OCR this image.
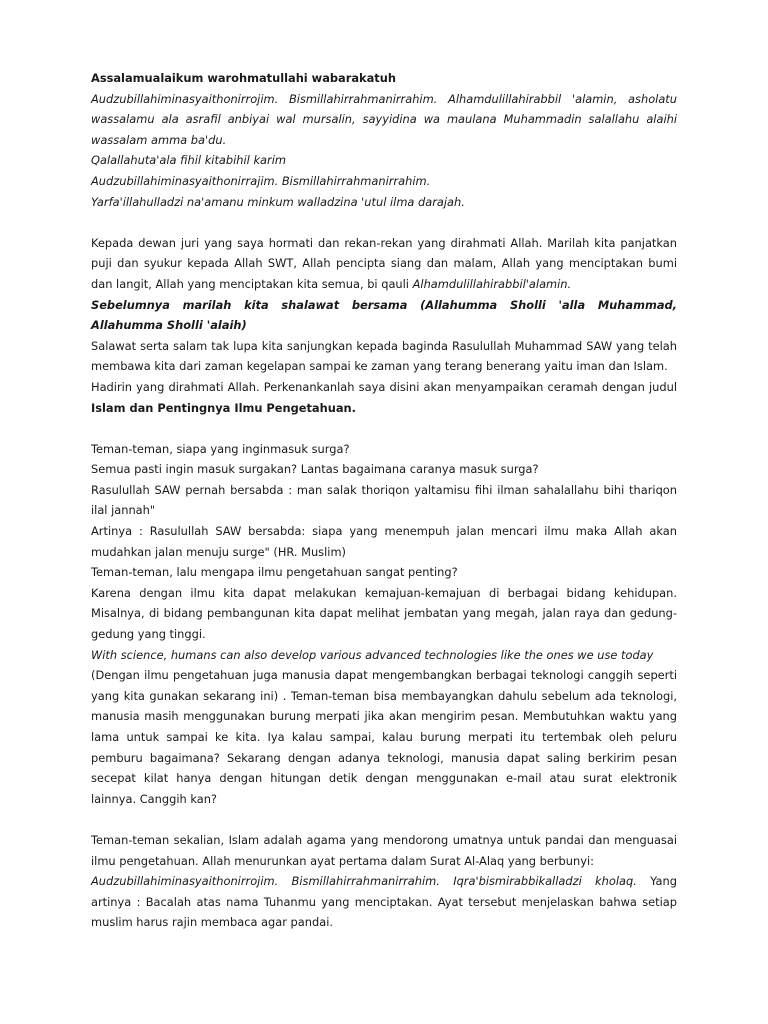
Assalamualaikum warohmatullahi wabarakatuh

Audzubillahiminasyaithonirrojim. Bismillahirrahmanirrahim. Alhamdulillahirabbil 'alamin, asholatu wassalamu ala asrafil anbiyai wal mursalin, sayyidina wa maulana Muhammadin salallahu alaihi wassalam amma ba'du.

Qalallahuta'ala fihil kitabihil karim

Audzubillahiminasyaithonirrajim. Bismillahirrahmanirrahim.

Yarfa'illahulladzi na'amanu minkum walladzina 'utul ilma darajah.

Kepada dewan juri yang saya hormati dan rekan-rekan yang dirahmati Allah. Marilah kita panjatkan puji dan syukur kepada Allah SWT, Allah pencipta siang dan malam, Allah yang menciptakan bumi dan langit, Allah yang menciptakan kita semua, bi qauli Alhamdulillahirabbil'alamin.

Sebelumnya marilah kita shalawat bersama (Allahumma Sholli 'alla Muhammad, Allahumma Sholli 'alaih)

Salawat serta salam tak lupa kita sanjungkan kepada baginda Rasulullah Muhammad SAW yang telah membawa kita dari zaman kegelapan sampai ke zaman yang terang benerang yaitu iman dan Islam.

Hadirin yang dirahmati Allah. Perkenankanlah saya disini akan menyampaikan ceramah dengan judul Islam dan Pentingnya Ilmu Pengetahuan.

Teman-teman, siapa yang inginmasuk surga?

Semua pasti ingin masuk surgakan? Lantas bagaimana caranya masuk surga?

Rasulullah SAW pernah bersabda : man salak thoriqon yaltamisu fihi ilman sahalallahu bihi thariqon ilal jannah"

Artinya : Rasulullah SAW bersabda: siapa yang menempuh jalan mencari ilmu maka Allah akan mudahkan jalan menuju surge" (HR. Muslim)

Teman-teman, lalu mengapa ilmu pengetahuan sangat penting?

Karena dengan ilmu kita dapat melakukan kemajuan-kemajuan di berbagai bidang kehidupan. Misalnya, di bidang pembangunan kita dapat melihat jembatan yang megah, jalan raya dan gedung-gedung yang tinggi.

With science, humans can also develop various advanced technologies like the ones we use today

(Dengan ilmu pengetahuan juga manusia dapat mengembangkan berbagai teknologi canggih seperti yang kita gunakan sekarang ini) . Teman-teman bisa membayangkan dahulu sebelum ada teknologi, manusia masih menggunakan burung merpati jika akan mengirim pesan. Membutuhkan waktu yang lama untuk sampai ke kita. Iya kalau sampai, kalau burung merpati itu tertembak oleh peluru pemburu bagaimana? Sekarang dengan adanya teknologi, manusia dapat saling berkirim pesan secepat kilat hanya dengan hitungan detik dengan menggunakan e-mail atau surat elektronik lainnya. Canggih kan?

Teman-teman sekalian, Islam adalah agama yang mendorong umatnya untuk pandai dan menguasai ilmu pengetahuan. Allah menurunkan ayat pertama dalam Surat Al-Alaq yang berbunyi:

Audzubillahiminasyaithonirrojim. Bismillahirrahmanirrahim. Iqra'bismirabbikalladzi kholaq. Yang artinya : Bacalah atas nama Tuhanmu yang menciptakan. Ayat tersebut menjelaskan bahwa setiap muslim harus rajin membaca agar pandai.
